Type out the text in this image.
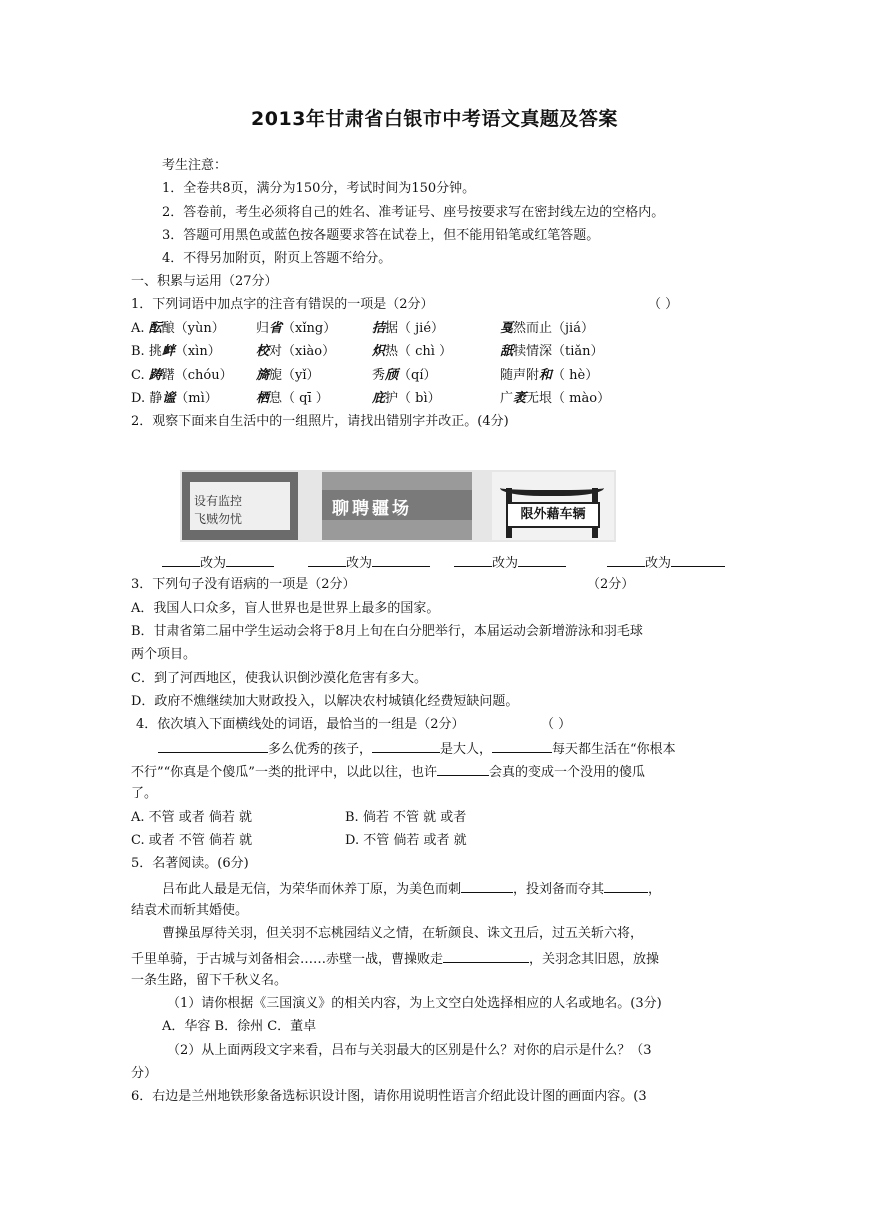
2013年甘肃省白银市中考语文真题及答案
考生注意：
1．全卷共8页，满分为150分，考试时间为150分钟。
2．答卷前，考生必须将自己的姓名、准考证号、座号按要求写在密封线左边的空格内。
3．答题可用黑色或蓝色按各题要求答在试卷上，但不能用铅笔或红笔答题。
4．不得另加附页，附页上答题不给分。
一、积累与运用（27分）
1．下列词语中加点字的注音有错误的一项是（2分）	（ ）
A. 酝酿（yùn） 归省（xǐng）	拮据（ jié）	戛然而止（jiá）
B. 挑衅（xìn）	校对（xiào）	炽热（ chì ）	舐犊情深（tiǎn）
C. 踌躇（chóu） 旖旎（yǐ）	秀颀（qí）	随声附和（ hè）
D. 静谧（mì）	栖息（ qī ）	庇护（ bì）	广袤无垠（ mào）
2．观察下面来自生活中的一组照片，请找出错别字并改正。(4分)
设有监控
飞贼勿忧	聊聘疆场	限外藉车辆
改为	改为	改为	改为
3．下列句子没有语病的一项是（2分）	（2分）
A．我国人口众多，盲人世界也是世界上最多的国家。
B．甘肃省第二届中学生运动会将于8月上旬在白分肥举行，本届运动会新增游泳和羽毛球
两个项目。
C．到了河西地区，使我认识倒沙漠化危害有多大。
D．政府不燋继续加大财政投入，以解决农村城镇化经费短缺问题。
4．依次填入下面横线处的词语，最恰当的一组是（2分）	（ ）
多么优秀的孩子，	是大人，	每天都生活在“你根本
不行”“你真是个傻瓜”一类的批评中，以此以往，也许	会真的变成一个没用的傻瓜
了。
A. 不管 或者 倘若 就	B. 倘若 不管 就 或者
C. 或者 不管 倘若 就	D. 不管 倘若 或者 就
5．名著阅读。(6分)
吕布此人最是无信，为荣华而休养丁原，为美色而刺	，投刘备而夺其	，
结袁术而斩其婚使。
曹操虽厚待关羽，但关羽不忘桃园结义之情，在斩颜良、诛文丑后，过五关斩六将，
千里单骑，于古城与刘备相会……赤壁一战，曹操败走	，关羽念其旧恩，放操
一条生路，留下千秋义名。
（1）请你根据《三国演义》的相关内容，为上文空白处选择相应的人名或地名。(3分)
A．华容 B．徐州 C．董卓
（2）从上面两段文字来看，吕布与关羽最大的区别是什么？对你的启示是什么？（3
分）
6．右边是兰州地铁形象备选标识设计图，请你用说明性语言介绍此设计图的画面内容。(3
